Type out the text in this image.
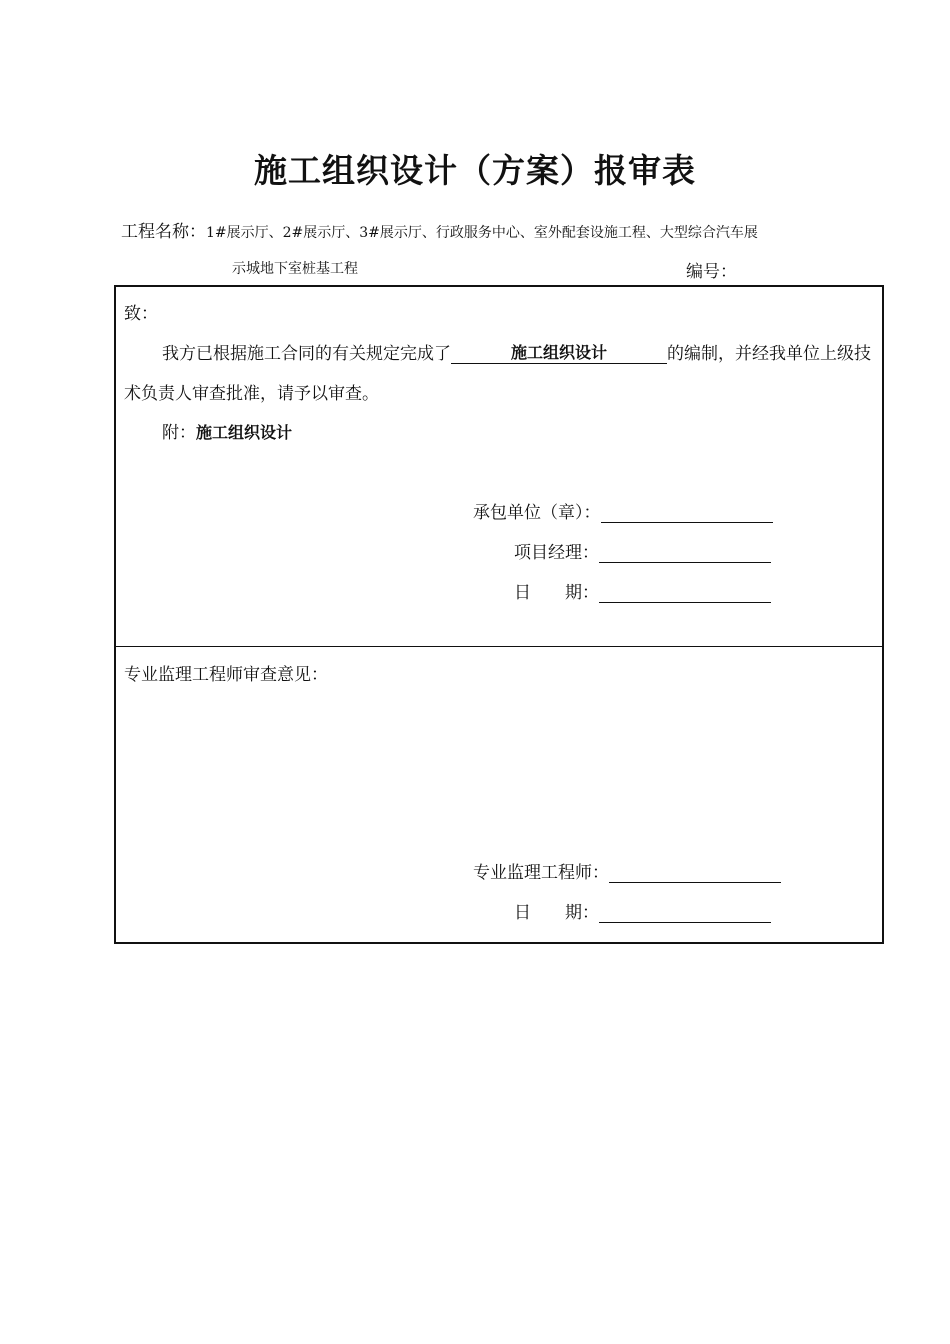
施工组织设计（方案）报审表
工程名称：1#展示厅、2#展示厅、3#展示厅、行政服务中心、室外配套设施工程、大型综合汽车展
示城地下室桩基工程	编号：
致：
我方已根据施工合同的有关规定完成了	施工组织设计	的编制，并经我单位上级技
术负责人审查批准，请予以审查。
附：施工组织设计
承包单位（章）：
项目经理：
日　　期：
专业监理工程师审查意见：
专业监理工程师：
日　　期：
